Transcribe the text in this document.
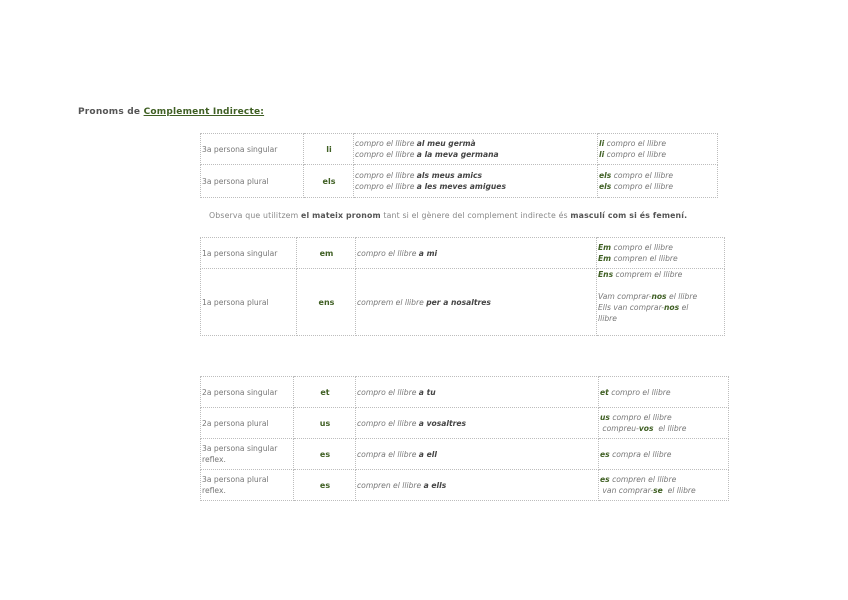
Pronoms de Complement Indirecte:
3a persona singular	li	compro el llibre al meu germà
compro el llibre a la meva germana	li compro el llibre
li compro el llibre

3a persona plural	els	compro el llibre als meus amics
compro el llibre a les meves amigues	els compro el llibre
els compro el llibre
Observa que utilitzem el mateix pronom tant si el gènere del complement indirecte és masculí com si és femení.
1a persona singular	em	compro el llibre a mi	Em compro el llibre
Em compren el llibre

1a persona plural	ens	comprem el llibre per a nosaltres	Ens comprem el llibre

Vam comprar-nos el llibre
Ells van comprar-nos el
llibre
2a persona singular	et	compro el llibre a tu	et compro el llibre
2a persona plural	us	compro el llibre a vosaltres	us compro el llibre
compreu-vos el llibre

3a persona singular
reflex.	es	compra el llibre a ell	es compra el llibre

3a persona plural
reflex.	es	compren el llibre a ells	es compren el llibre
van comprar-se el llibre
